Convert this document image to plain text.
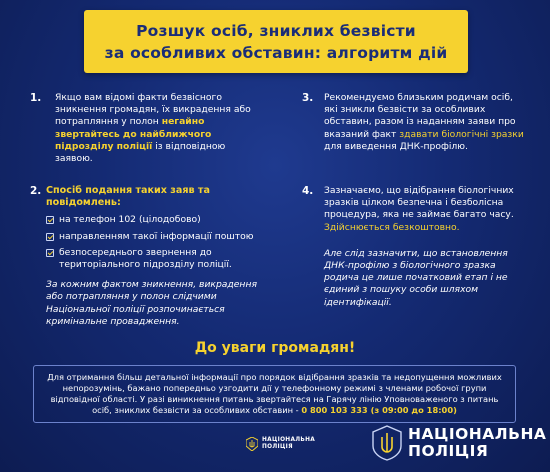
Розшук осіб, зниклих безвісти
за особливих обставин: алгоритм дій
1. Якщо вам відомі факти безвісного зникнення громадян, їх викрадення або потрапляння у полон негайно звертайтесь до найближчого підрозділу поліції із відповідною заявою.
2. Спосіб подання таких заяв та повідомлень:
на телефон 102 (цілодобово)
направленням такої інформації поштою
безпосереднього звернення до територіального підрозділу поліції.
За кожним фактом зникнення, викрадення або потрапляння у полон слідчими Національної поліції розпочинається кримінальне провадження.
3. Рекомендуємо близьким родичам осіб, які зникли безвісти за особливих обставин, разом із наданням заяви про вказаний факт здавати біологічні зразки для виведення ДНК-профілю.
4. Зазначаємо, що відібрання біологічних зразків цілком безпечна і безболісна процедура, яка не займає багато часу. Здійснюється безкоштовно.
Але слід зазначити, що встановлення ДНК-профілю з біологічного зразка родича це лише початковий етап і не єдиний з пошуку особи шляхом ідентифікації.
До уваги громадян!

Для отримання більш детальної інформації про порядок відібрання зразків та недопущення можливих непорозумінь, бажано попередньо узгодити дії у телефонному режимі з членами робочої групи відповідної області. У разі виникнення питань звертайтеся на Гарячу лінію Уповноваженого з питань осіб, зниклих безвісти за особливих обставин - 0 800 103 333 (з 09:00 до 18:00)

НАЦІОНАЛЬНА
ПОЛІЦІЯ
НАЦІОНАЛЬНА
ПОЛІЦІЯ
